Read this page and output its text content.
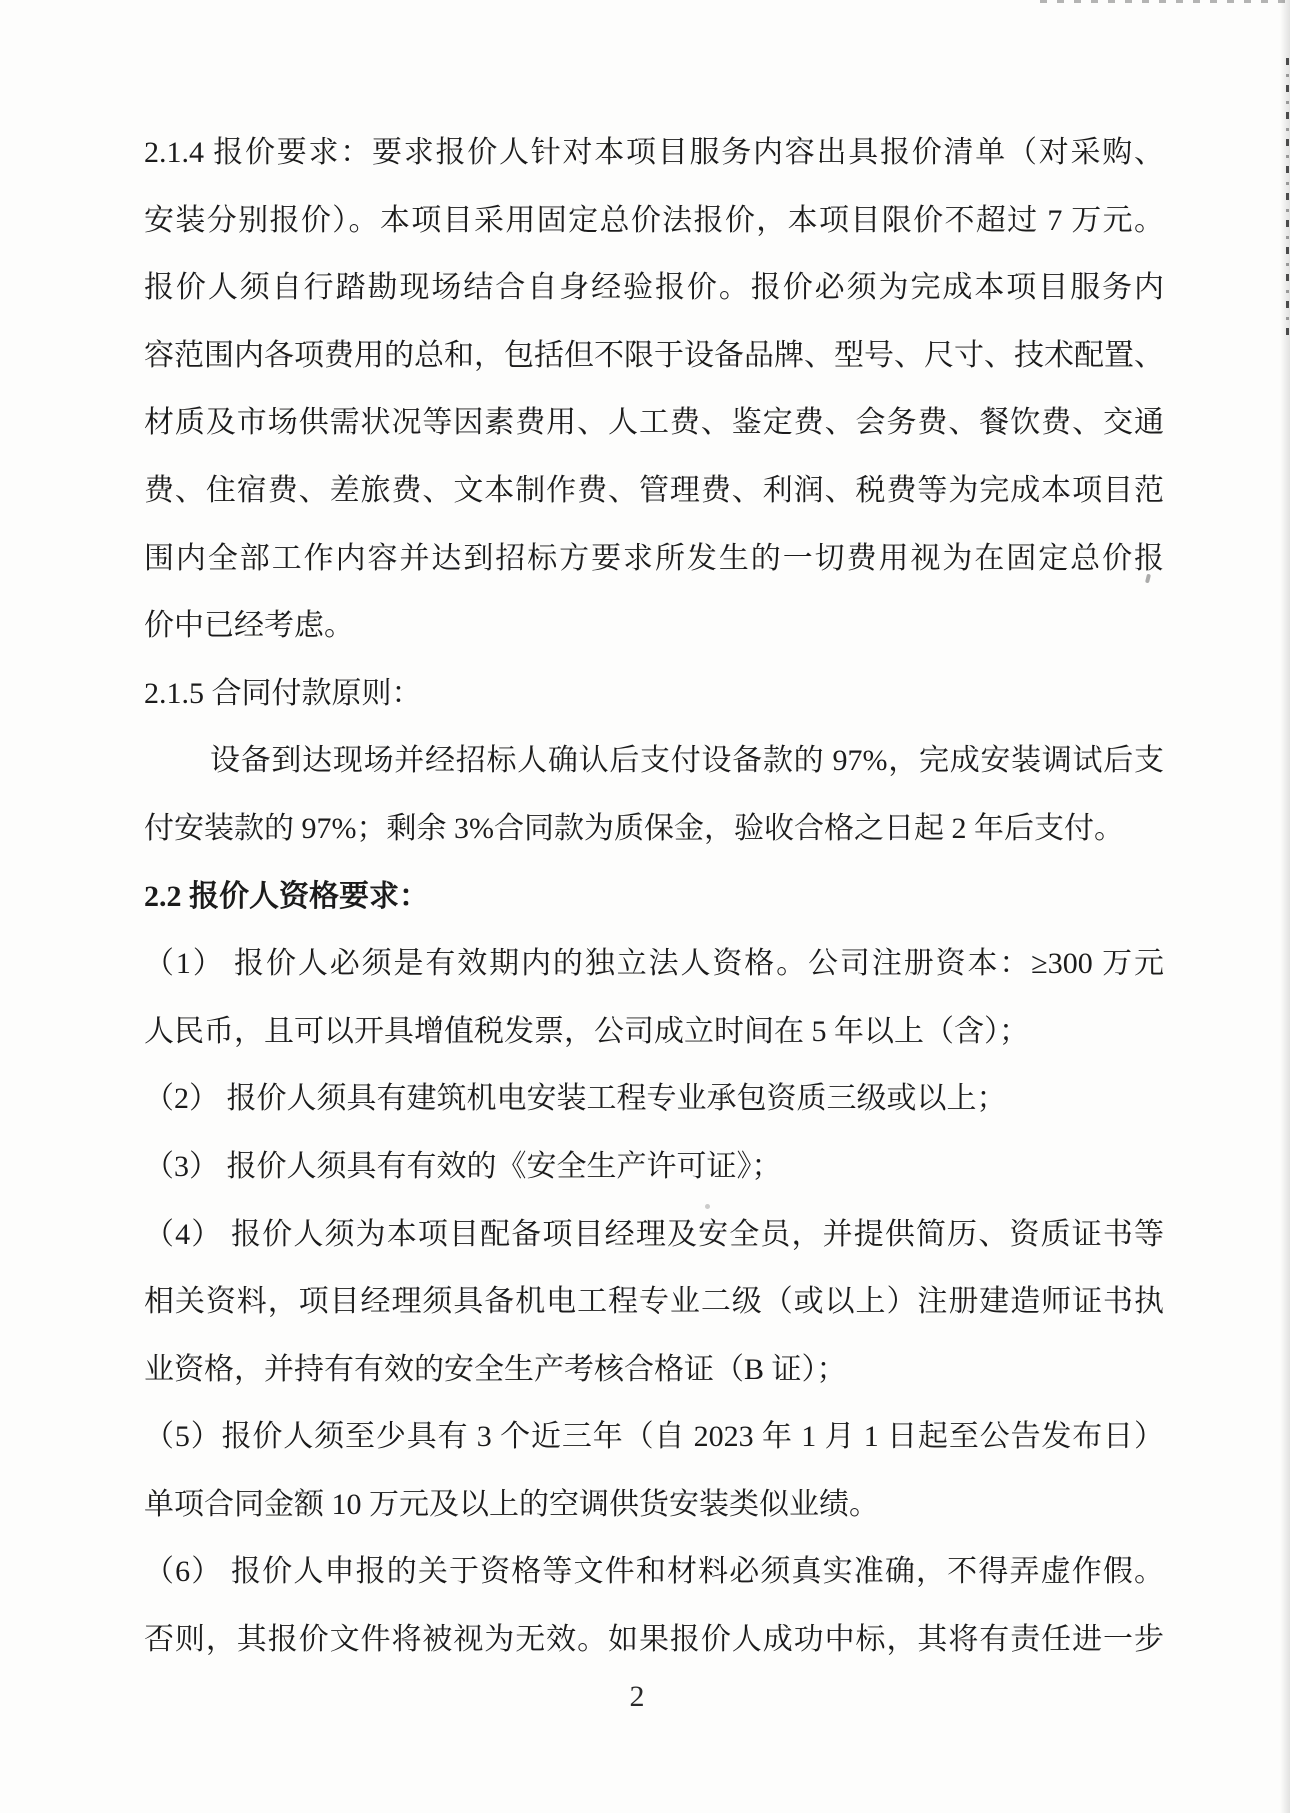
2.1.4 报价要求：要求报价人针对本项目服务内容出具报价清单（对采购、
安装分别报价）。本项目采用固定总价法报价，本项目限价不超过 7 万元。
报价人须自行踏勘现场结合自身经验报价。报价必须为完成本项目服务内
容范围内各项费用的总和，包括但不限于设备品牌、型号、尺寸、技术配置、
材质及市场供需状况等因素费用、人工费、鉴定费、会务费、餐饮费、交通
费、住宿费、差旅费、文本制作费、管理费、利润、税费等为完成本项目范
围内全部工作内容并达到招标方要求所发生的一切费用视为在固定总价报
价中已经考虑。
2.1.5 合同付款原则：
设备到达现场并经招标人确认后支付设备款的 97%，完成安装调试后支
付安装款的 97%；剩余 3%合同款为质保金，验收合格之日起 2 年后支付。
2.2 报价人资格要求：
（1） 报价人必须是有效期内的独立法人资格。公司注册资本：≥300 万元
人民币，且可以开具增值税发票，公司成立时间在 5 年以上（含）；
（2） 报价人须具有建筑机电安装工程专业承包资质三级或以上；
（3） 报价人须具有有效的《安全生产许可证》；
（4） 报价人须为本项目配备项目经理及安全员，并提供简历、资质证书等
相关资料，项目经理须具备机电工程专业二级（或以上）注册建造师证书执
业资格，并持有有效的安全生产考核合格证（B 证）；
（5）报价人须至少具有 3 个近三年（自 2023 年 1 月 1 日起至公告发布日）
单项合同金额 10 万元及以上的空调供货安装类似业绩。
（6） 报价人申报的关于资格等文件和材料必须真实准确，不得弄虚作假。
否则，其报价文件将被视为无效。如果报价人成功中标，其将有责任进一步
2
